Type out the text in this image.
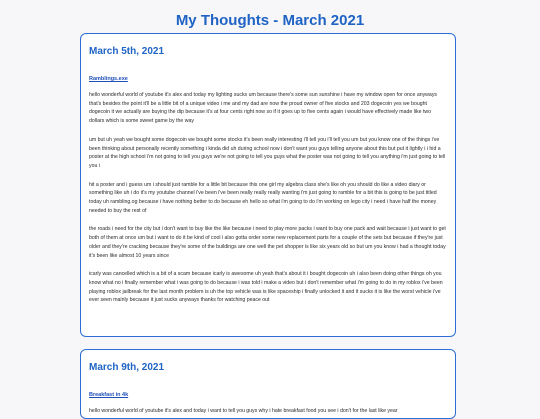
My Thoughts - March 2021
March 5th, 2021
Ramblings.exe

hello wonderful world of youtube it's alex and today my lighting sucks um because there's some sun sunshine i have my window open for once anyways that's besides the point it'll be a little bit of a unique video i me and my dad are now the proud owner of five stocks and 203 dogecoin yes we bought dogecoin it we actually are buying the dip because it's at four cents right now so if it goes up to five cents again i would have effectively made like two dollars which is some sweet game by the way

um but uh yeah we bought some dogecoin we bought some stocks it's been really interesting i'll tell you i'll tell you um but you know one of the things i've been thinking about personally recently something i kinda did uh during school now i don't want you guys telling anyone about this but put it lightly i i hid a poster at the high school i'm not going to tell you guys we're not going to tell you guys what the poster was not going to tell you anything i'm just going to tell you i

hit a poster and i guess um i should just ramble for a little bit because this one girl my algebra class she's like oh you should do like a video diary or something like uh i do it's my youtube channel i've been i've been really really really wanting i'm just going to ramble for a bit this is going to be just titled today uh rambling.og because i have nothing better to do because eh hello so what i'm going to do i'm working on lego city i need i have half the money needed to buy the rest of

the roads i need for the city but i don't want to buy like the like because i need to play more packs i want to buy one pack and wait because i just want to get both of them at once um but i want to do it be kind of cool i also gotta order some new replacement parts for a couple of the sets but because if they're just older and they're cracking because they're some of the buildings are one well the pet shopper is like six years old so but um you know i had a thought today it's been like almost 10 years since

icarly was cancelled which is a bit of a scam because icarly is awesome uh yeah that's about it i bought dogecoin uh i also been doing other things oh you know what no i finally remember what i was going to do because i was told i make a video but i don't remember what i'm going to do in my roblox i've been playing roblox jailbreak for the last month problem is uh the top vehicle was is like spaceship i finally unlocked it and it sucks it is like the worst vehicle i've ever seen mainly because it just sucks anyways thanks for watching peace out

March 9th, 2021
Breakfast in 4k

hello wonderful world of youtube it's alex and today i want to tell you guys why i hate breakfast food you see i don't for the last like year
